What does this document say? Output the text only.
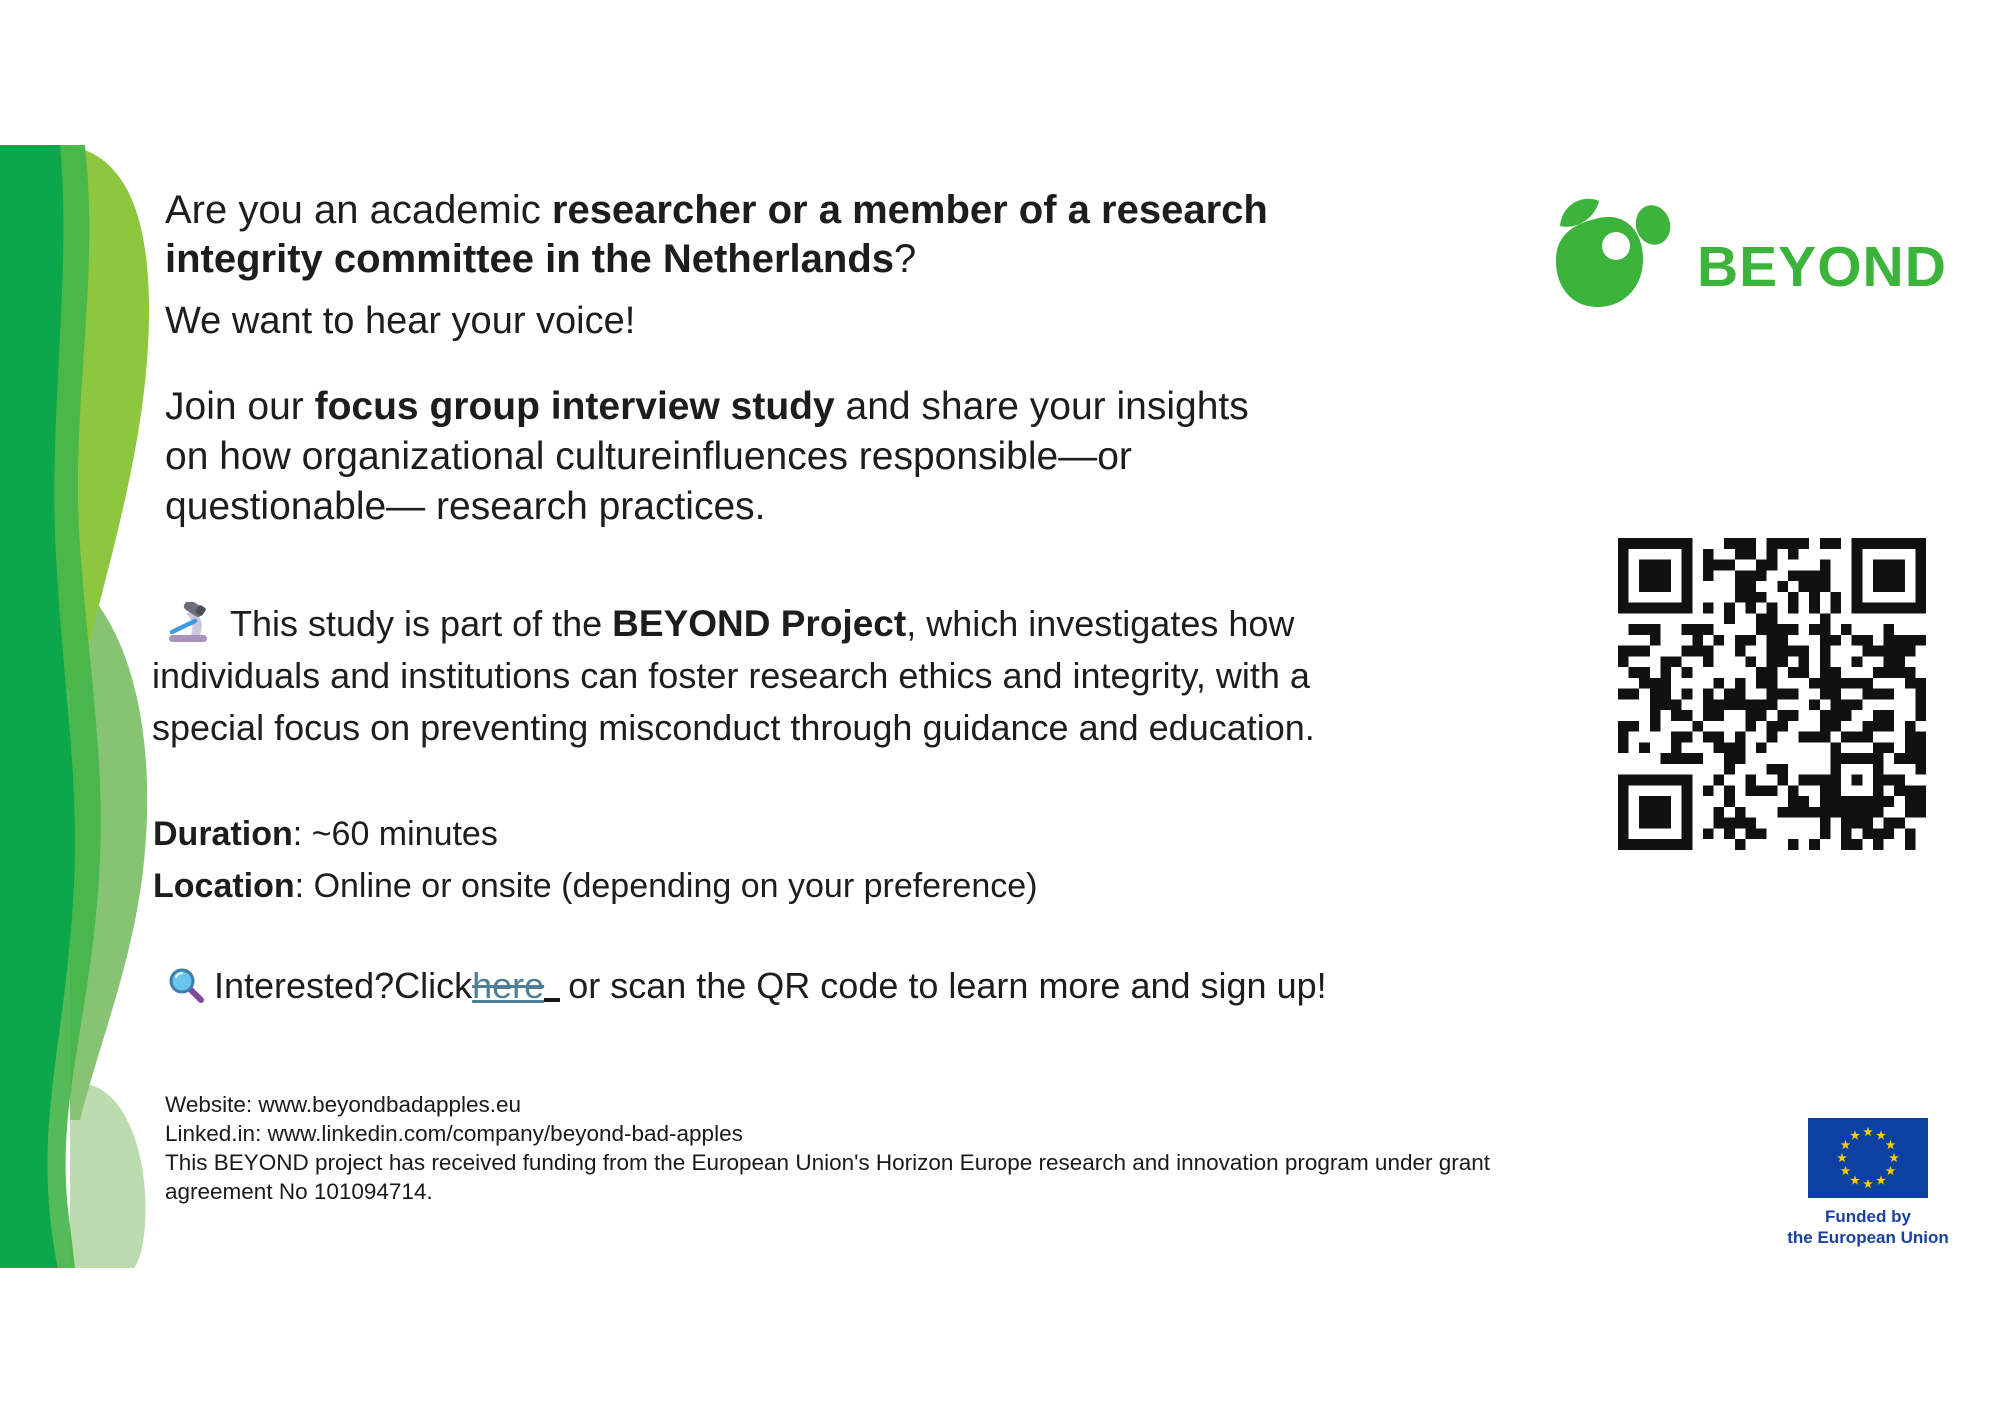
BEYOND
Are you an academic researcher or a member of a research
integrity committee in the Netherlands?
We want to hear your voice!
Join our focus group interview study and share your insights
on how organizational cultureinfluences responsible—or
questionable— research practices.
This study is part of the BEYOND Project, which investigates how
individuals and institutions can foster research ethics and integrity, with a
special focus on preventing misconduct through guidance and education.
Duration: ~60 minutes
Location: Online or onsite (depending on your preference)
Interested?Click here or scan the QR code to learn more and sign up!
Website: www.beyondbadapples.eu
Linked.in: www.linkedin.com/company/beyond-bad-apples
This BEYOND project has received funding from the European Union's Horizon Europe research and innovation program under grant
agreement No 101094714.
Funded by
the European Union
